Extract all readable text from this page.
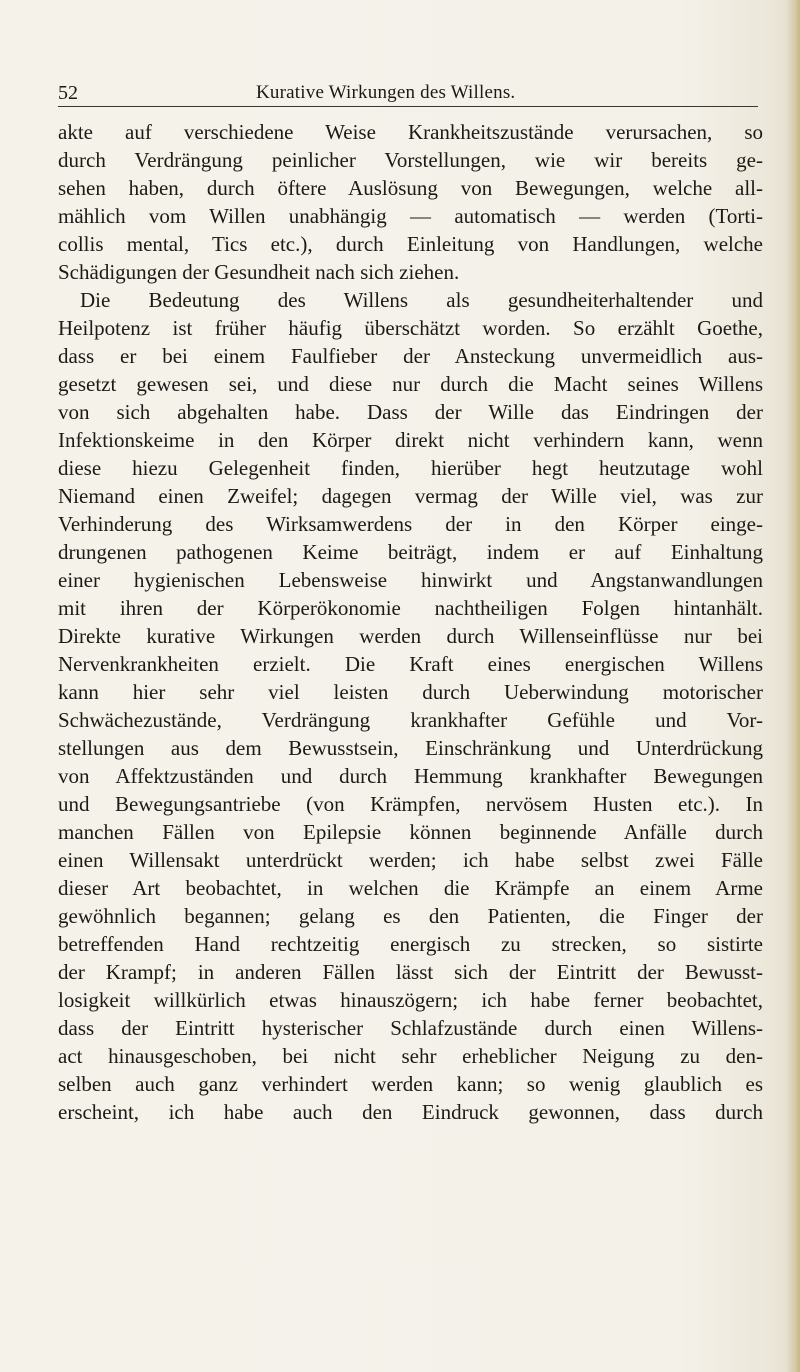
52	Kurative Wirkungen des Willens.
akte auf verschiedene Weise Krankheitszustände verursachen, so
durch Verdrängung peinlicher Vorstellungen, wie wir bereits ge-
sehen haben, durch öftere Auslösung von Bewegungen, welche all-
mählich vom Willen unabhängig — automatisch — werden (Torti-
collis mental, Tics etc.), durch Einleitung von Handlungen, welche
Schädigungen der Gesundheit nach sich ziehen.
Die Bedeutung des Willens als gesundheiterhaltender und
Heilpotenz ist früher häufig überschätzt worden. So erzählt Goethe,
dass er bei einem Faulfieber der Ansteckung unvermeidlich aus-
gesetzt gewesen sei, und diese nur durch die Macht seines Willens
von sich abgehalten habe. Dass der Wille das Eindringen der
Infektionskeime in den Körper direkt nicht verhindern kann, wenn
diese hiezu Gelegenheit finden, hierüber hegt heutzutage wohl
Niemand einen Zweifel; dagegen vermag der Wille viel, was zur
Verhinderung des Wirksamwerdens der in den Körper einge-
drungenen pathogenen Keime beiträgt, indem er auf Einhaltung
einer hygienischen Lebensweise hinwirkt und Angstanwandlungen
mit ihren der Körperökonomie nachtheiligen Folgen hintanhält.
Direkte kurative Wirkungen werden durch Willenseinflüsse nur bei
Nervenkrankheiten erzielt. Die Kraft eines energischen Willens
kann hier sehr viel leisten durch Ueberwindung motorischer
Schwächezustände, Verdrängung krankhafter Gefühle und Vor-
stellungen aus dem Bewusstsein, Einschränkung und Unterdrückung
von Affektzuständen und durch Hemmung krankhafter Bewegungen
und Bewegungsantriebe (von Krämpfen, nervösem Husten etc.). In
manchen Fällen von Epilepsie können beginnende Anfälle durch
einen Willensakt unterdrückt werden; ich habe selbst zwei Fälle
dieser Art beobachtet, in welchen die Krämpfe an einem Arme
gewöhnlich begannen; gelang es den Patienten, die Finger der
betreffenden Hand rechtzeitig energisch zu strecken, so sistirte
der Krampf; in anderen Fällen lässt sich der Eintritt der Bewusst-
losigkeit willkürlich etwas hinauszögern; ich habe ferner beobachtet,
dass der Eintritt hysterischer Schlafzustände durch einen Willens-
act hinausgeschoben, bei nicht sehr erheblicher Neigung zu den-
selben auch ganz verhindert werden kann; so wenig glaublich es
erscheint, ich habe auch den Eindruck gewonnen, dass durch
